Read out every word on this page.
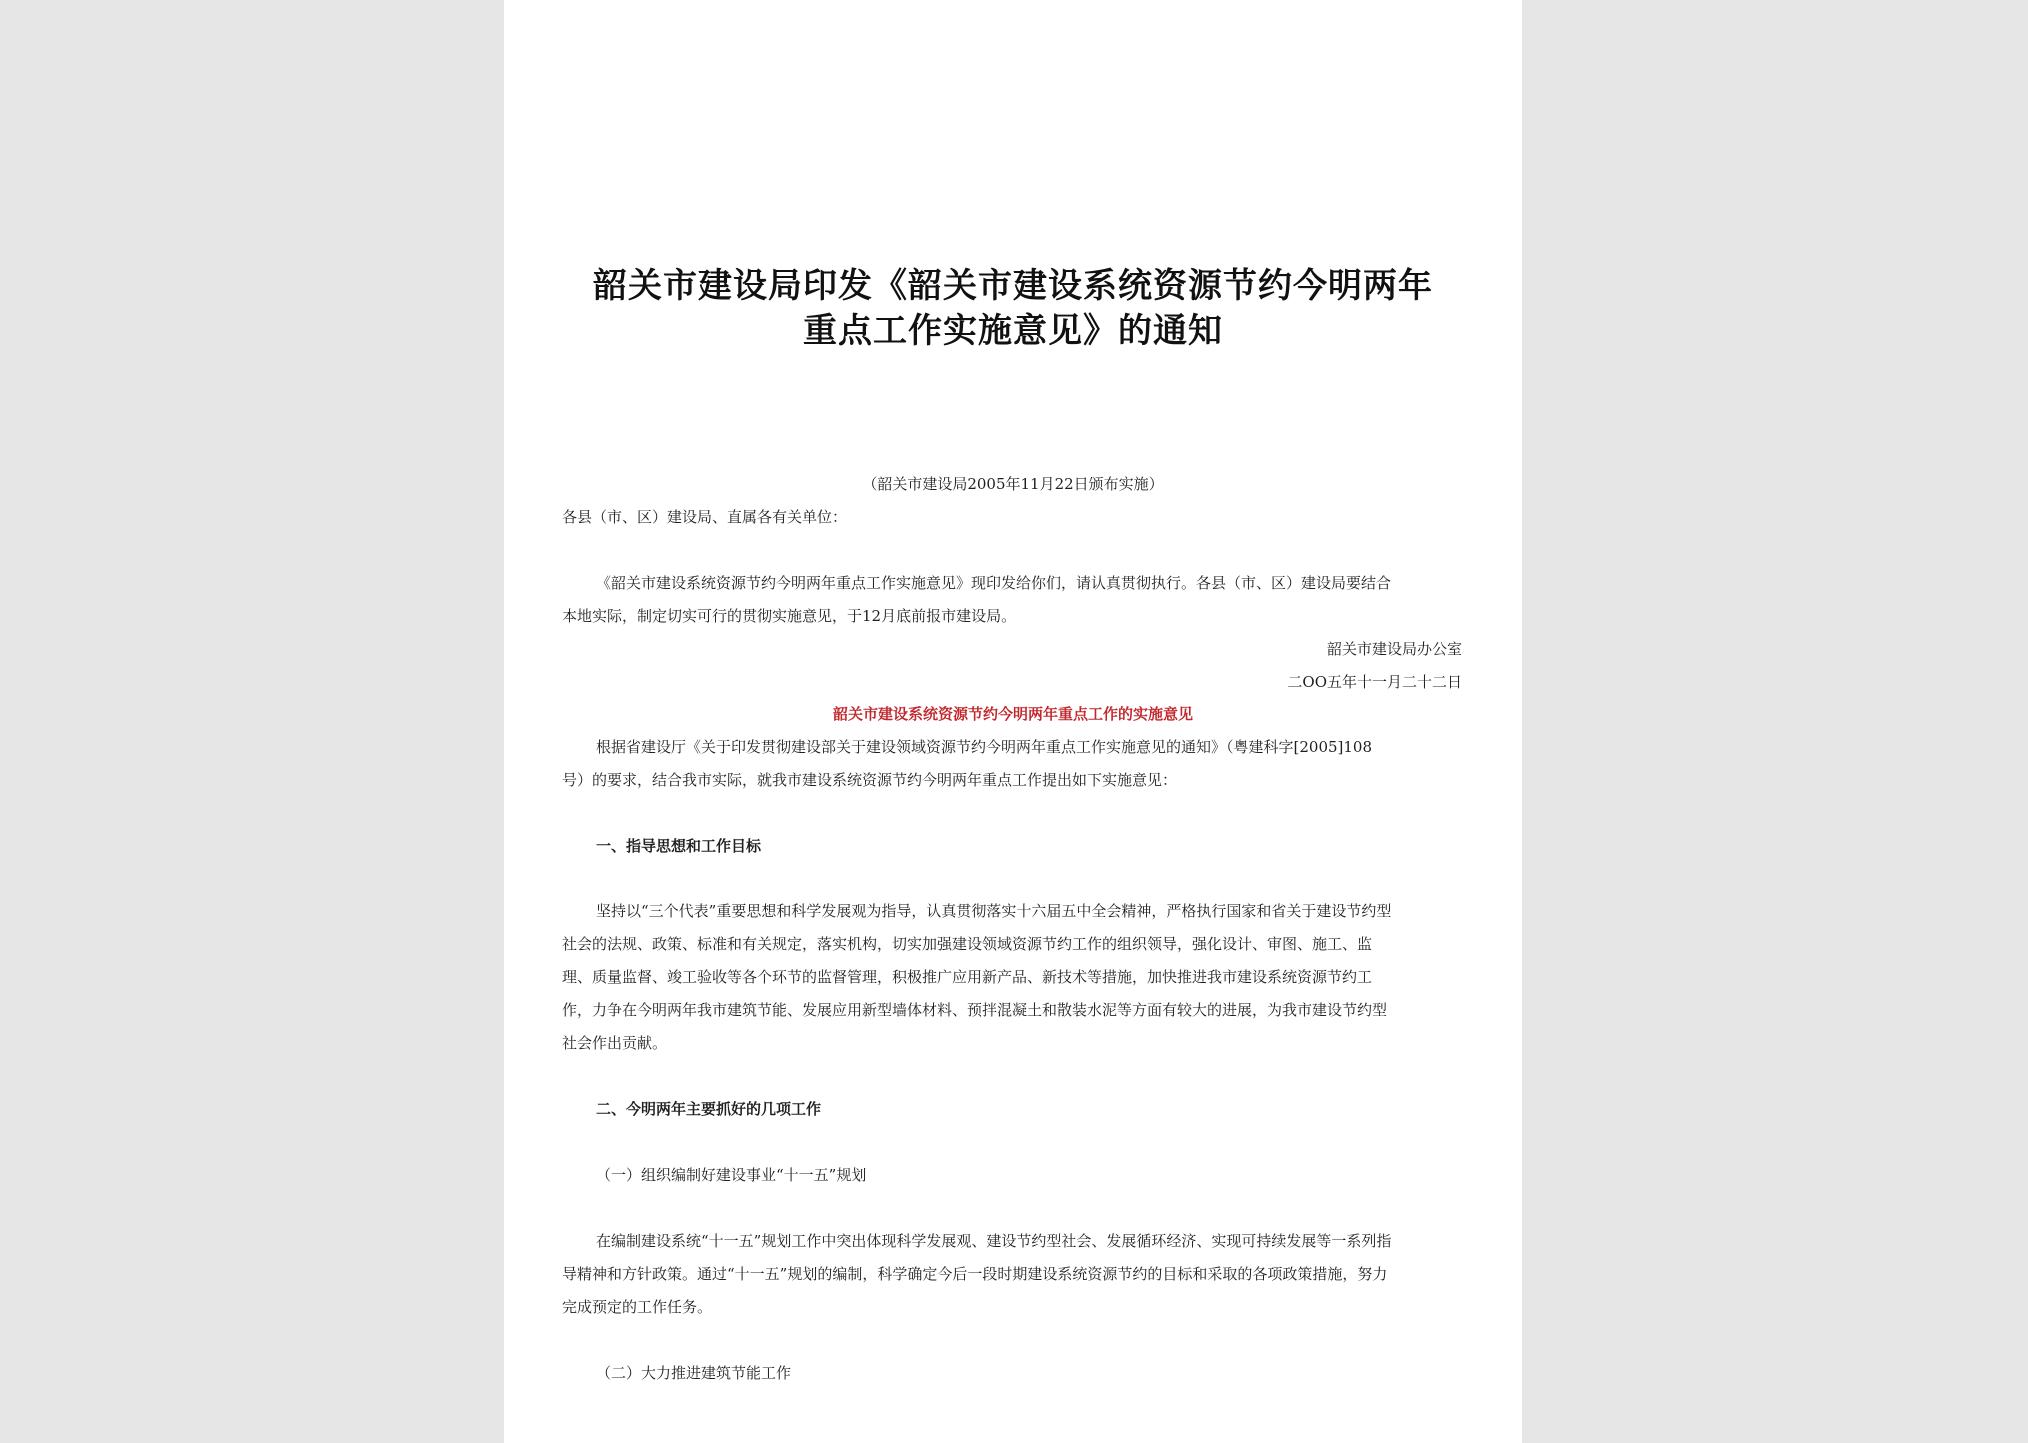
韶关市建设局印发《韶关市建设系统资源节约今明两年
重点工作实施意见》的通知
（韶关市建设局2005年11月22日颁布实施）
各县（市、区）建设局、直属各有关单位：
《韶关市建设系统资源节约今明两年重点工作实施意见》现印发给你们，请认真贯彻执行。各县（市、区）建设局要结合
本地实际，制定切实可行的贯彻实施意见，于12月底前报市建设局。
韶关市建设局办公室
二OO五年十一月二十二日
韶关市建设系统资源节约今明两年重点工作的实施意见
根据省建设厅《关于印发贯彻建设部关于建设领域资源节约今明两年重点工作实施意见的通知》（粤建科字[2005]108
号）的要求，结合我市实际，就我市建设系统资源节约今明两年重点工作提出如下实施意见：
一、指导思想和工作目标
坚持以“三个代表”重要思想和科学发展观为指导，认真贯彻落实十六届五中全会精神，严格执行国家和省关于建设节约型
社会的法规、政策、标准和有关规定，落实机构，切实加强建设领域资源节约工作的组织领导，强化设计、审图、施工、监
理、质量监督、竣工验收等各个环节的监督管理，积极推广应用新产品、新技术等措施，加快推进我市建设系统资源节约工
作，力争在今明两年我市建筑节能、发展应用新型墙体材料、预拌混凝土和散装水泥等方面有较大的进展，为我市建设节约型
社会作出贡献。
二、今明两年主要抓好的几项工作
（一）组织编制好建设事业“十一五”规划
在编制建设系统“十一五”规划工作中突出体现科学发展观、建设节约型社会、发展循环经济、实现可持续发展等一系列指
导精神和方针政策。通过“十一五”规划的编制，科学确定今后一段时期建设系统资源节约的目标和采取的各项政策措施，努力
完成预定的工作任务。
（二）大力推进建筑节能工作
